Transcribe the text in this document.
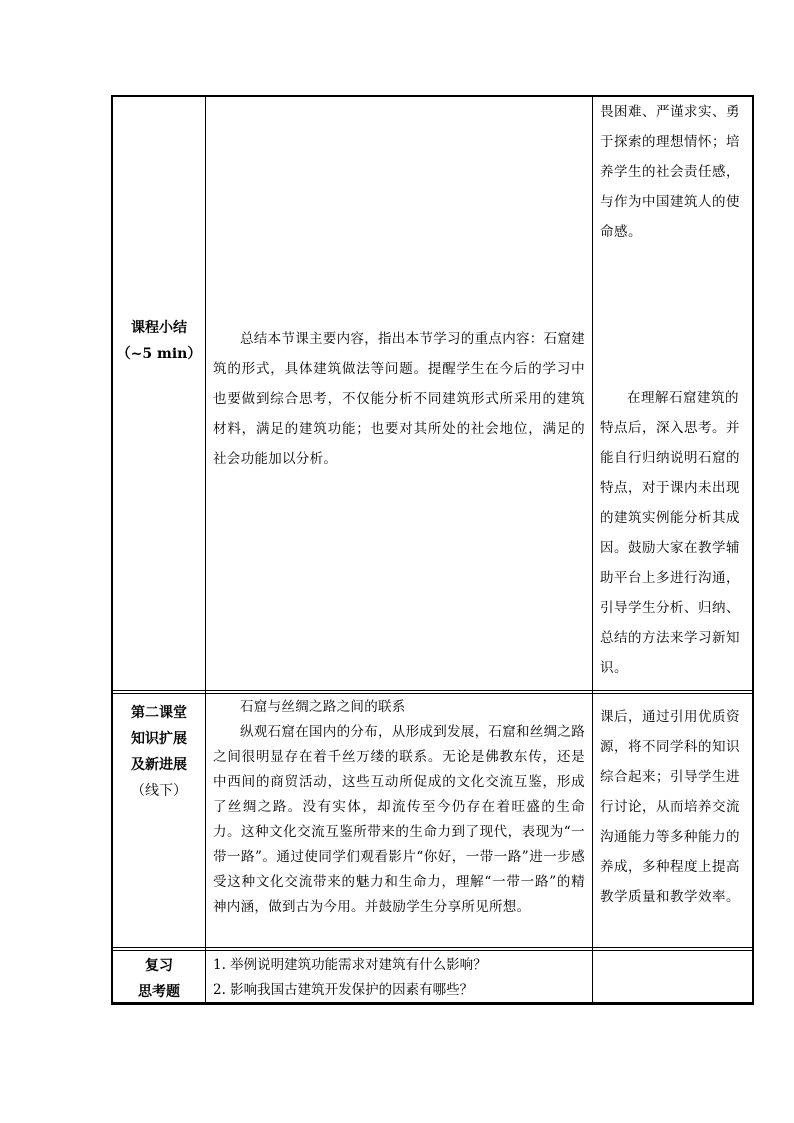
课程小结
（~5 min）

总结本节课主要内容，指出本节学习的重点内容：石窟建筑的形式，具体建筑做法等问题。提醒学生在今后的学习中也要做到综合思考，不仅能分析不同建筑形式所采用的建筑材料，满足的建筑功能；也要对其所处的社会地位，满足的社会功能加以分析。

畏困难、严谨求实、勇于探索的理想情怀；培养学生的社会责任感，与作为中国建筑人的使命感。

在理解石窟建筑的特点后，深入思考。并能自行归纳说明石窟的特点，对于课内未出现的建筑实例能分析其成因。鼓励大家在教学辅助平台上多进行沟通，引导学生分析、归纳、总结的方法来学习新知识。

第二课堂
知识扩展
及新进展
（线下）

石窟与丝绸之路之间的联系

纵观石窟在国内的分布，从形成到发展，石窟和丝绸之路之间很明显存在着千丝万缕的联系。无论是佛教东传，还是中西间的商贸活动，这些互动所促成的文化交流互鉴，形成了丝绸之路。没有实体，却流传至今仍存在着旺盛的生命力。这种文化交流互鉴所带来的生命力到了现代，表现为“一带一路”。通过使同学们观看影片“你好，一带一路”进一步感受这种文化交流带来的魅力和生命力，理解“一带一路”的精神内涵，做到古为今用。并鼓励学生分享所见所想。

课后，通过引用优质资源，将不同学科的知识综合起来；引导学生进行讨论，从而培养交流沟通能力等多种能力的养成，多种程度上提高教学质量和教学效率。

复习
思考题

1. 举例说明建筑功能需求对建筑有什么影响？

2. 影响我国古建筑开发保护的因素有哪些？
